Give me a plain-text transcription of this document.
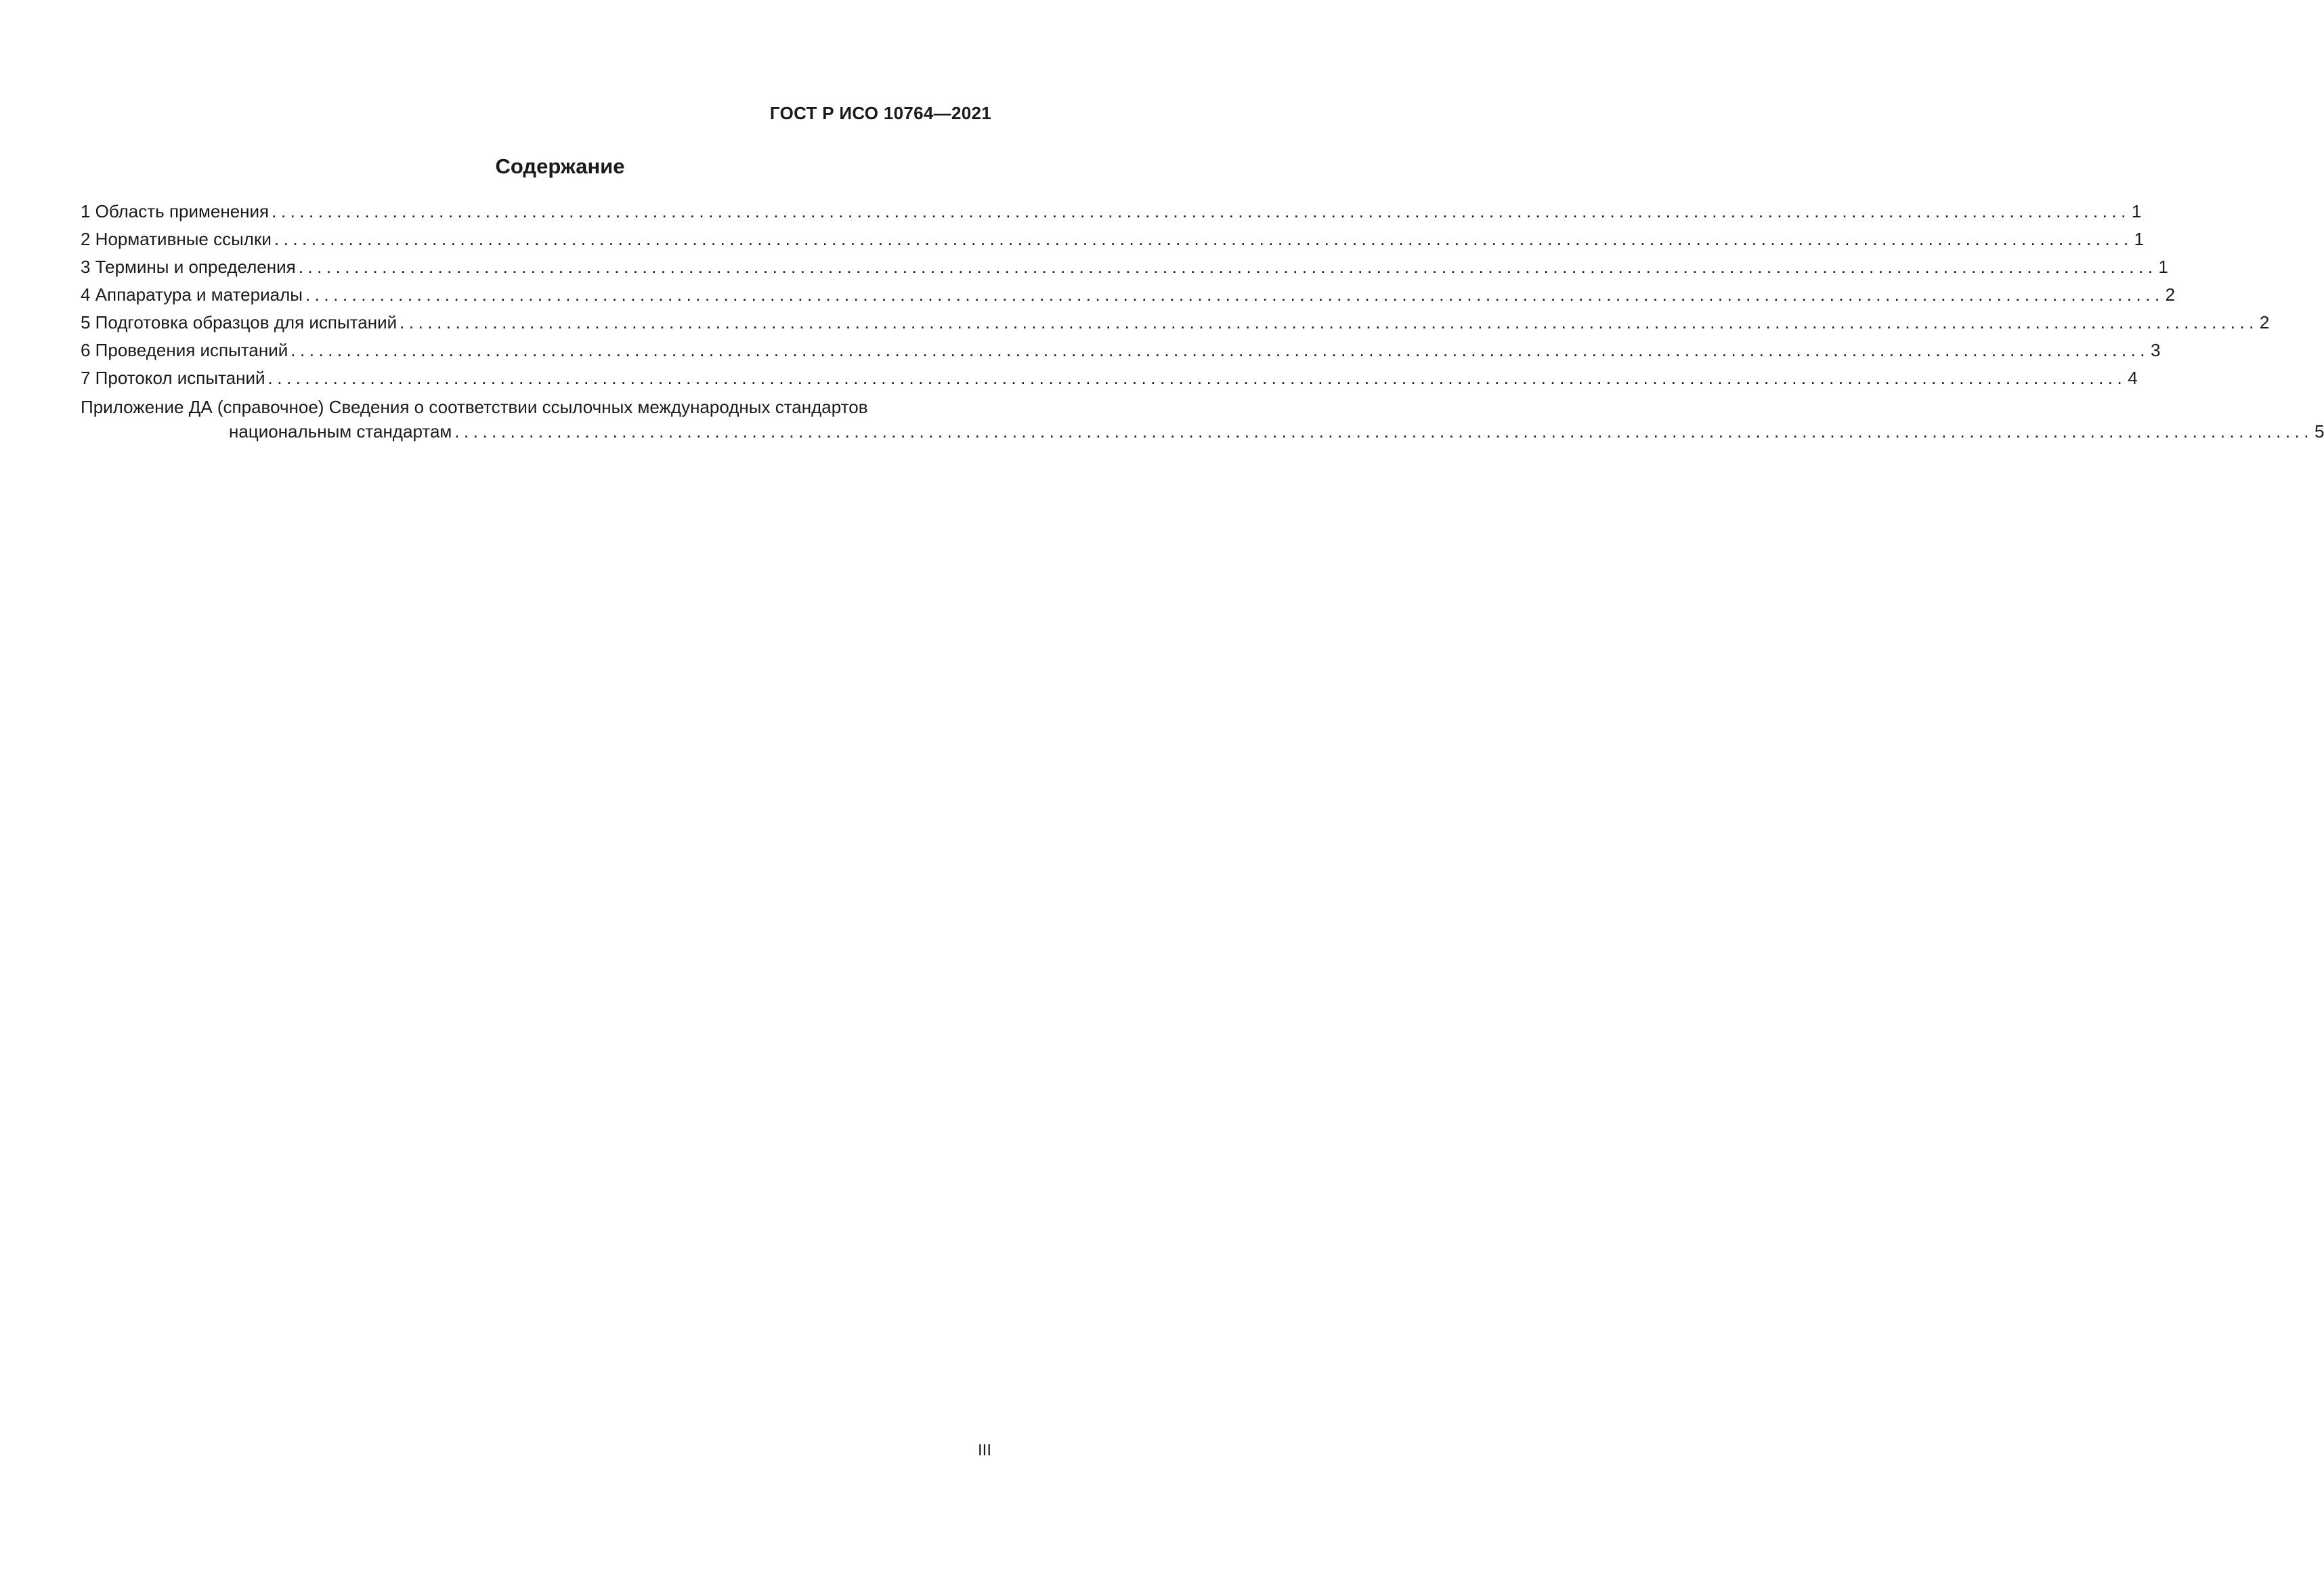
ГОСТ Р ИСО 10764—2021
Содержание
1 Область применения ........................................................................................................................................................................................................ 1
2 Нормативные ссылки ........................................................................................................................................................................................................ 1
3 Термины и определения ........................................................................................................................................................................................................ 1
4 Аппаратура и материалы ........................................................................................................................................................................................................ 2
5 Подготовка образцов для испытаний ........................................................................................................................................................................................................ 2
6 Проведения испытаний ........................................................................................................................................................................................................ 3
7 Протокол испытаний ........................................................................................................................................................................................................ 4
Приложение ДА (справочное) Сведения о соответствии ссылочных международных стандартов
национальным стандартам ........................................................................................................................................................................................................ 5
III
